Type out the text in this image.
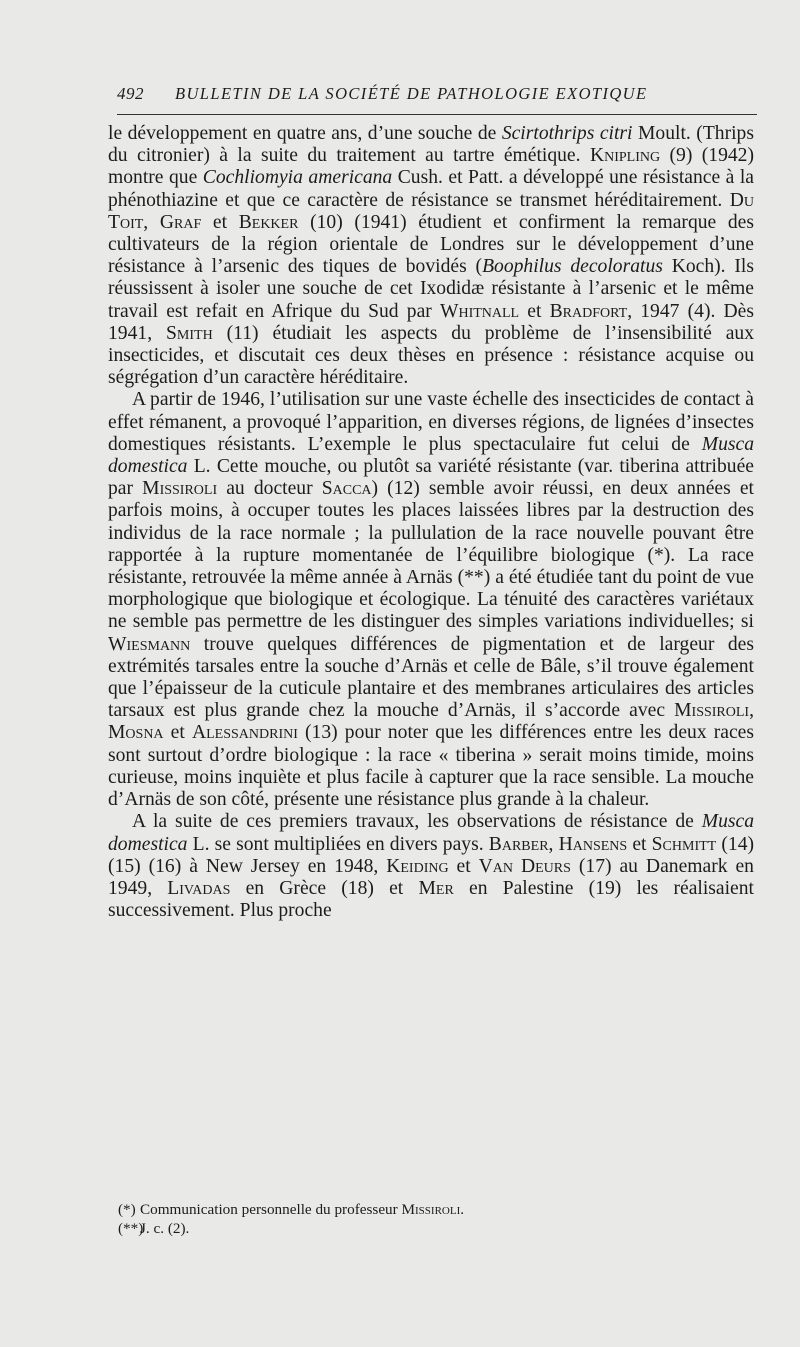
492 BULLETIN DE LA SOCIÉTÉ DE PATHOLOGIE EXOTIQUE

le développement en quatre ans, d’une souche de Scirtothrips citri Moult. (Thrips du citronier) à la suite du traitement au tartre émétique. Knipling (9) (1942) montre que Cochliomyia americana Cush. et Patt. a développé une résistance à la phénothiazine et que ce caractère de résistance se transmet héréditairement. Du Toit, Graf et Bekker (10) (1941) étudient et confirment la remarque des cultivateurs de la région orientale de Londres sur le développement d’une résistance à l’arsenic des tiques de bovidés (Boophilus decoloratus Koch). Ils réussissent à isoler une souche de cet Ixodidæ résistante à l’arsenic et le même travail est refait en Afrique du Sud par Whitnall et Bradfort, 1947 (4). Dès 1941, Smith (11) étudiait les aspects du problème de l’insensibilité aux insecticides, et discutait ces deux thèses en présence : résistance acquise ou ségrégation d’un caractère héréditaire.

A partir de 1946, l’utilisation sur une vaste échelle des insecticides de contact à effet rémanent, a provoqué l’apparition, en diverses régions, de lignées d’insectes domestiques résistants. L’exemple le plus spectaculaire fut celui de Musca domestica L. Cette mouche, ou plutôt sa variété résistante (var. tiberina attribuée par Missiroli au docteur Sacca) (12) semble avoir réussi, en deux années et parfois moins, à occuper toutes les places laissées libres par la destruction des individus de la race normale ; la pullulation de la race nouvelle pouvant être rapportée à la rupture momentanée de l’équilibre biologique (*). La race résistante, retrouvée la même année à Arnäs (**) a été étudiée tant du point de vue morphologique que biologique et écologique. La ténuité des caractères variétaux ne semble pas permettre de les distinguer des simples variations individuelles; si Wiesmann trouve quelques différences de pigmentation et de largeur des extrémités tarsales entre la souche d’Arnäs et celle de Bâle, s’il trouve également que l’épaisseur de la cuticule plantaire et des membranes articulaires des articles tarsaux est plus grande chez la mouche d’Arnäs, il s’accorde avec Missiroli, Mosna et Alessandrini (13) pour noter que les différences entre les deux races sont surtout d’ordre biologique : la race « tiberina » serait moins timide, moins curieuse, moins inquiète et plus facile à capturer que la race sensible. La mouche d’Arnäs de son côté, présente une résistance plus grande à la chaleur.

A la suite de ces premiers travaux, les observations de résistance de Musca domestica L. se sont multipliées en divers pays. Barber, Hansens et Schmitt (14) (15) (16) à New Jersey en 1948, Keiding et Van Deurs (17) au Danemark en 1949, Livadas en Grèce (18) et Mer en Palestine (19) les réalisaient successivement. Plus proche

(*) Communication personnelle du professeur Missiroli.

(**)J. c. (2).
